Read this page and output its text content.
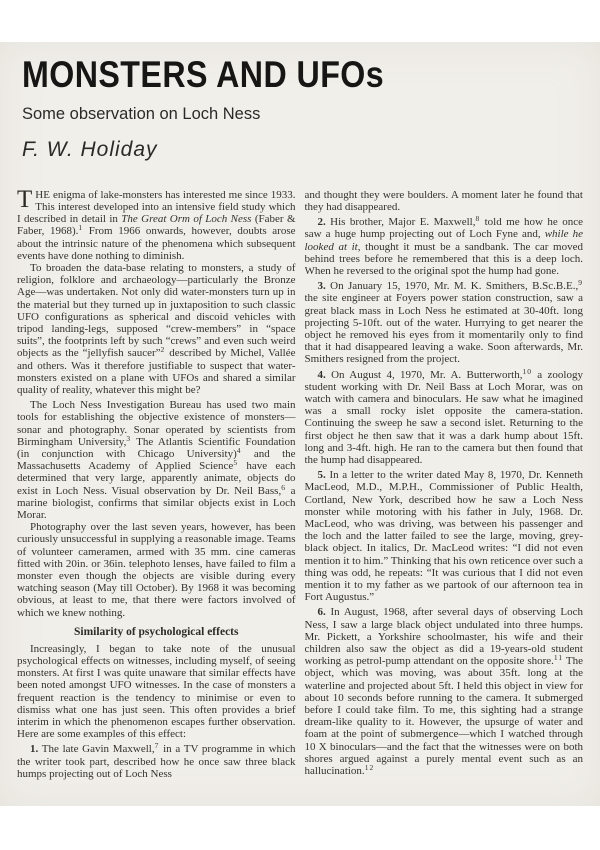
MONSTERS AND UFOs
Some observation on Loch Ness
F. W. Holiday

THE enigma of lake-monsters has interested me since 1933. This interest developed into an intensive field study which I described in detail in The Great Orm of Loch Ness (Faber & Faber, 1968).$^1$ From 1966 onwards, however, doubts arose about the intrinsic nature of the phenomena which subsequent events have done nothing to diminish.

To broaden the data-base relating to monsters, a study of religion, folklore and archaeology—particularly the Bronze Age—was undertaken. Not only did water-monsters turn up in the material but they turned up in juxtaposition to such classic UFO configurations as spherical and discoid vehicles with tripod landing-legs, supposed “crew-members” in “space suits”, the footprints left by such “crews” and even such weird objects as the “jellyfish saucer”$^2$ described by Michel, Vallée and others. Was it therefore justifiable to suspect that water-monsters existed on a plane with UFOs and shared a similar quality of reality, whatever this might be?

The Loch Ness Investigation Bureau has used two main tools for establishing the objective existence of monsters—sonar and photography. Sonar operated by scientists from Birmingham University,$^3$ The Atlantis Scientific Foundation (in conjunction with Chicago University)$^4$ and the Massachusetts Academy of Applied Science$^5$ have each determined that very large, apparently animate, objects do exist in Loch Ness. Visual observation by Dr. Neil Bass,$^6$ a marine biologist, confirms that similar objects exist in Loch Morar.

Photography over the last seven years, however, has been curiously unsuccessful in supplying a reasonable image. Teams of volunteer cameramen, armed with 35 mm. cine cameras fitted with 20in. or 36in. telephoto lenses, have failed to film a monster even though the objects are visible during every watching season (May till October). By 1968 it was becoming obvious, at least to me, that there were factors involved of which we knew nothing.

Similarity of psychological effects

Increasingly, I began to take note of the unusual psychological effects on witnesses, including myself, of seeing monsters. At first I was quite unaware that similar effects have been noted amongst UFO witnesses. In the case of monsters a frequent reaction is the tendency to minimise or even to dismiss what one has just seen. This often provides a brief interim in which the phenomenon escapes further observation. Here are some examples of this effect:

1. The late Gavin Maxwell,$^7$ in a TV programme in which the writer took part, described how he once saw three black humps projecting out of Loch Ness

and thought they were boulders. A moment later he found that they had disappeared.

2. His brother, Major E. Maxwell,$^8$ told me how he once saw a huge hump projecting out of Loch Fyne and, while he looked at it, thought it must be a sandbank. The car moved behind trees before he remembered that this is a deep loch. When he reversed to the original spot the hump had gone.

3. On January 15, 1970, Mr. M. K. Smithers, B.Sc.B.E.,$^9$ the site engineer at Foyers power station construction, saw a great black mass in Loch Ness he estimated at 30-40ft. long projecting 5-10ft. out of the water. Hurrying to get nearer the object he removed his eyes from it momentarily only to find that it had disappeared leaving a wake. Soon afterwards, Mr. Smithers resigned from the project.

4. On August 4, 1970, Mr. A. Butterworth,$^{10}$ a zoology student working with Dr. Neil Bass at Loch Morar, was on watch with camera and binoculars. He saw what he imagined was a small rocky islet opposite the camera-station. Continuing the sweep he saw a second islet. Returning to the first object he then saw that it was a dark hump about 15ft. long and 3-4ft. high. He ran to the camera but then found that the hump had disappeared.

5. In a letter to the writer dated May 8, 1970, Dr. Kenneth MacLeod, M.D., M.P.H., Commissioner of Public Health, Cortland, New York, described how he saw a Loch Ness monster while motoring with his father in July, 1968. Dr. MacLeod, who was driving, was between his passenger and the loch and the latter failed to see the large, moving, grey-black object. In italics, Dr. MacLeod writes: “I did not even mention it to him.” Thinking that his own reticence over such a thing was odd, he repeats: “It was curious that I did not even mention it to my father as we partook of our afternoon tea in Fort Augustus.”

6. In August, 1968, after several days of observing Loch Ness, I saw a large black object undulated into three humps. Mr. Pickett, a Yorkshire schoolmaster, his wife and their children also saw the object as did a 19-years-old student working as petrol-pump attendant on the opposite shore.$^{11}$ The object, which was moving, was about 35ft. long at the waterline and projected about 5ft. I held this object in view for about 10 seconds before running to the camera. It submerged before I could take film. To me, this sighting had a strange dream-like quality to it. However, the upsurge of water and foam at the point of submergence—which I watched through 10 X binoculars—and the fact that the witnesses were on both shores argued against a purely mental event such as an hallucination.$^{12}$
